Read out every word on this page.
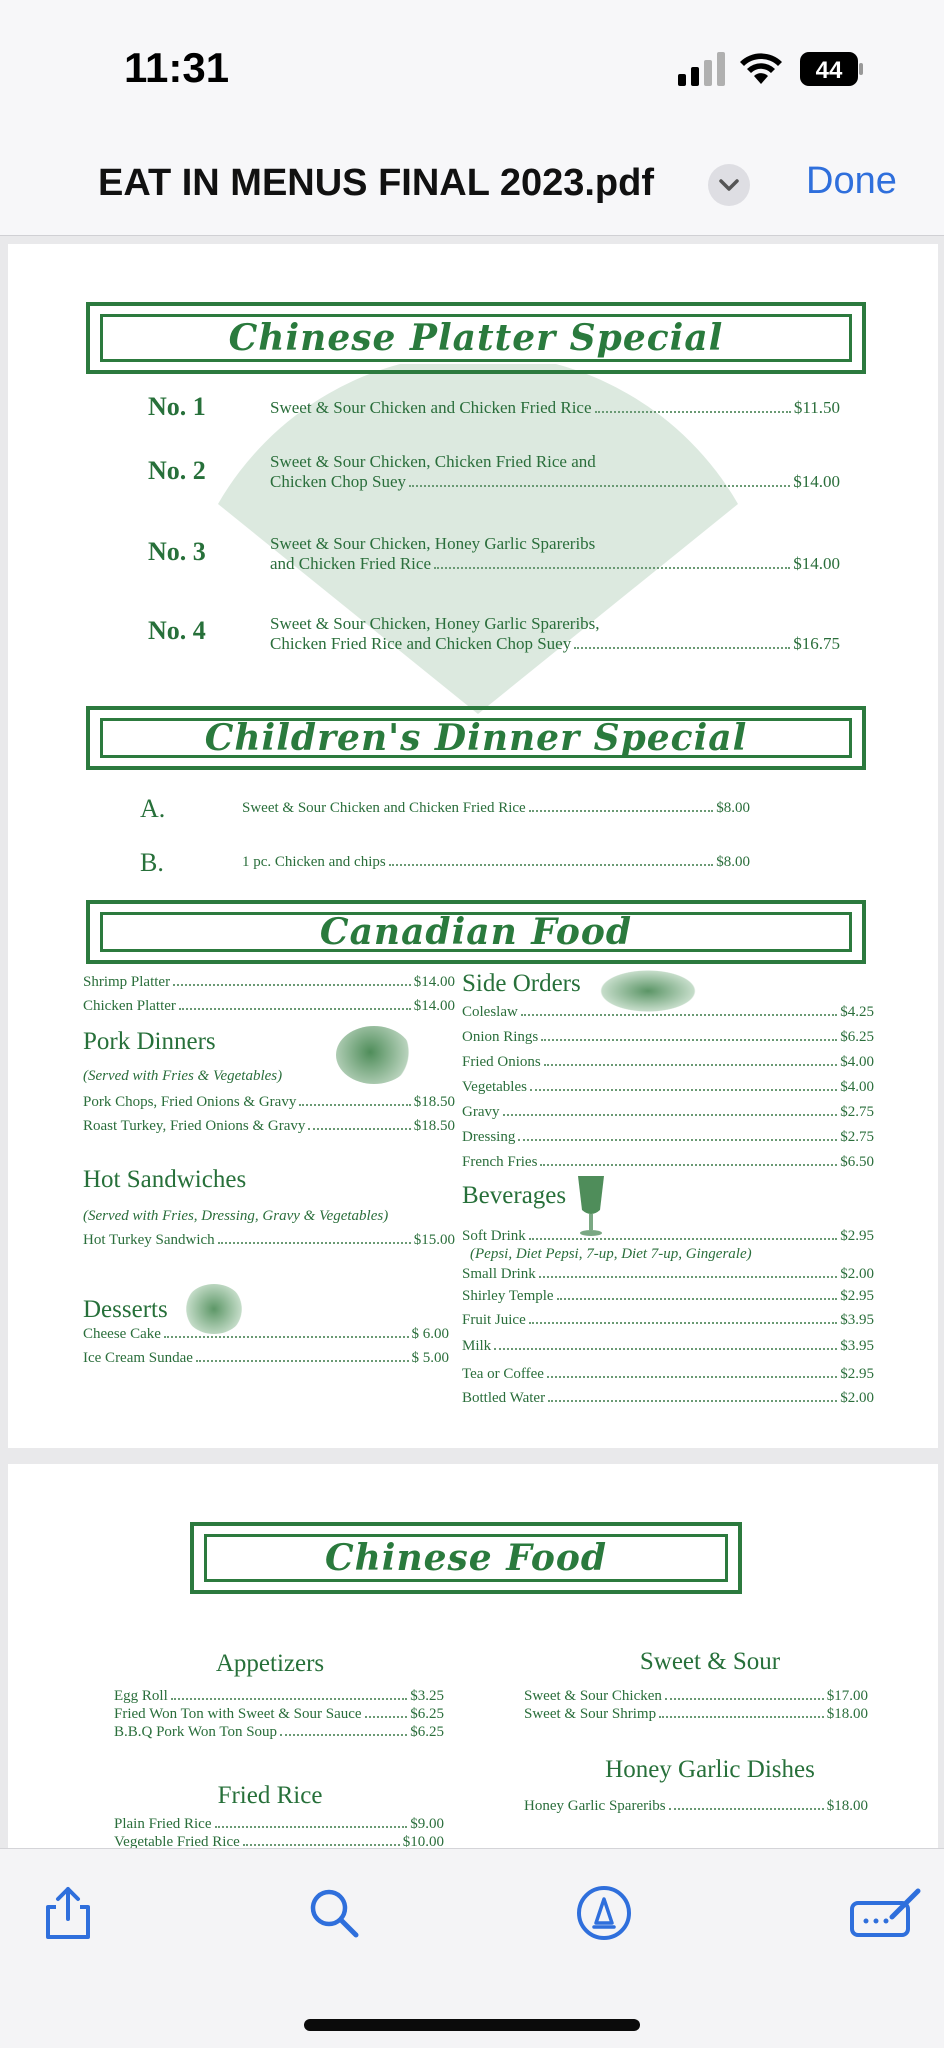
11:31	44
EAT IN MENUS FINAL 2023.pdf	Done
Chinese Platter Special
No. 1	Sweet & Sour Chicken and Chicken Fried Rice	$11.50
No. 2	Sweet & Sour Chicken, Chicken Fried Rice and
Chicken Chop Suey	$14.00
No. 3	Sweet & Sour Chicken, Honey Garlic Spareribs
and Chicken Fried Rice	$14.00
No. 4	Sweet & Sour Chicken, Honey Garlic Spareribs,
Chicken Fried Rice and Chicken Chop Suey	$16.75
Children's Dinner Special
A.	Sweet & Sour Chicken and Chicken Fried Rice	$8.00
B.	1 pc. Chicken and chips	$8.00
Canadian Food
Shrimp Platter	$14.00
Chicken Platter	$14.00
Pork Dinners
(Served with Fries & Vegetables)
Pork Chops, Fried Onions & Gravy	$18.50
Roast Turkey, Fried Onions & Gravy	$18.50
Hot Sandwiches
(Served with Fries, Dressing, Gravy & Vegetables)
Hot Turkey Sandwich	$15.00
Desserts
Cheese Cake	$ 6.00
Ice Cream Sundae	$ 5.00
Side Orders
Coleslaw	$4.25
Onion Rings	$6.25
Fried Onions	$4.00
Vegetables	$4.00
Gravy	$2.75
Dressing	$2.75
French Fries	$6.50
Beverages
Soft Drink	$2.95
(Pepsi, Diet Pepsi, 7-up, Diet 7-up, Gingerale)
Small Drink	$2.00
Shirley Temple	$2.95
Fruit Juice	$3.95
Milk	$3.95
Tea or Coffee	$2.95
Bottled Water	$2.00
Chinese Food
Appetizers
Egg Roll	$3.25
Fried Won Ton with Sweet & Sour Sauce	$6.25
B.B.Q Pork Won Ton Soup	$6.25
Sweet & Sour
Sweet & Sour Chicken	$17.00
Sweet & Sour Shrimp	$18.00
Fried Rice
Plain Fried Rice	$9.00
Vegetable Fried Rice	$10.00
Honey Garlic Dishes
Honey Garlic Spareribs	$18.00
